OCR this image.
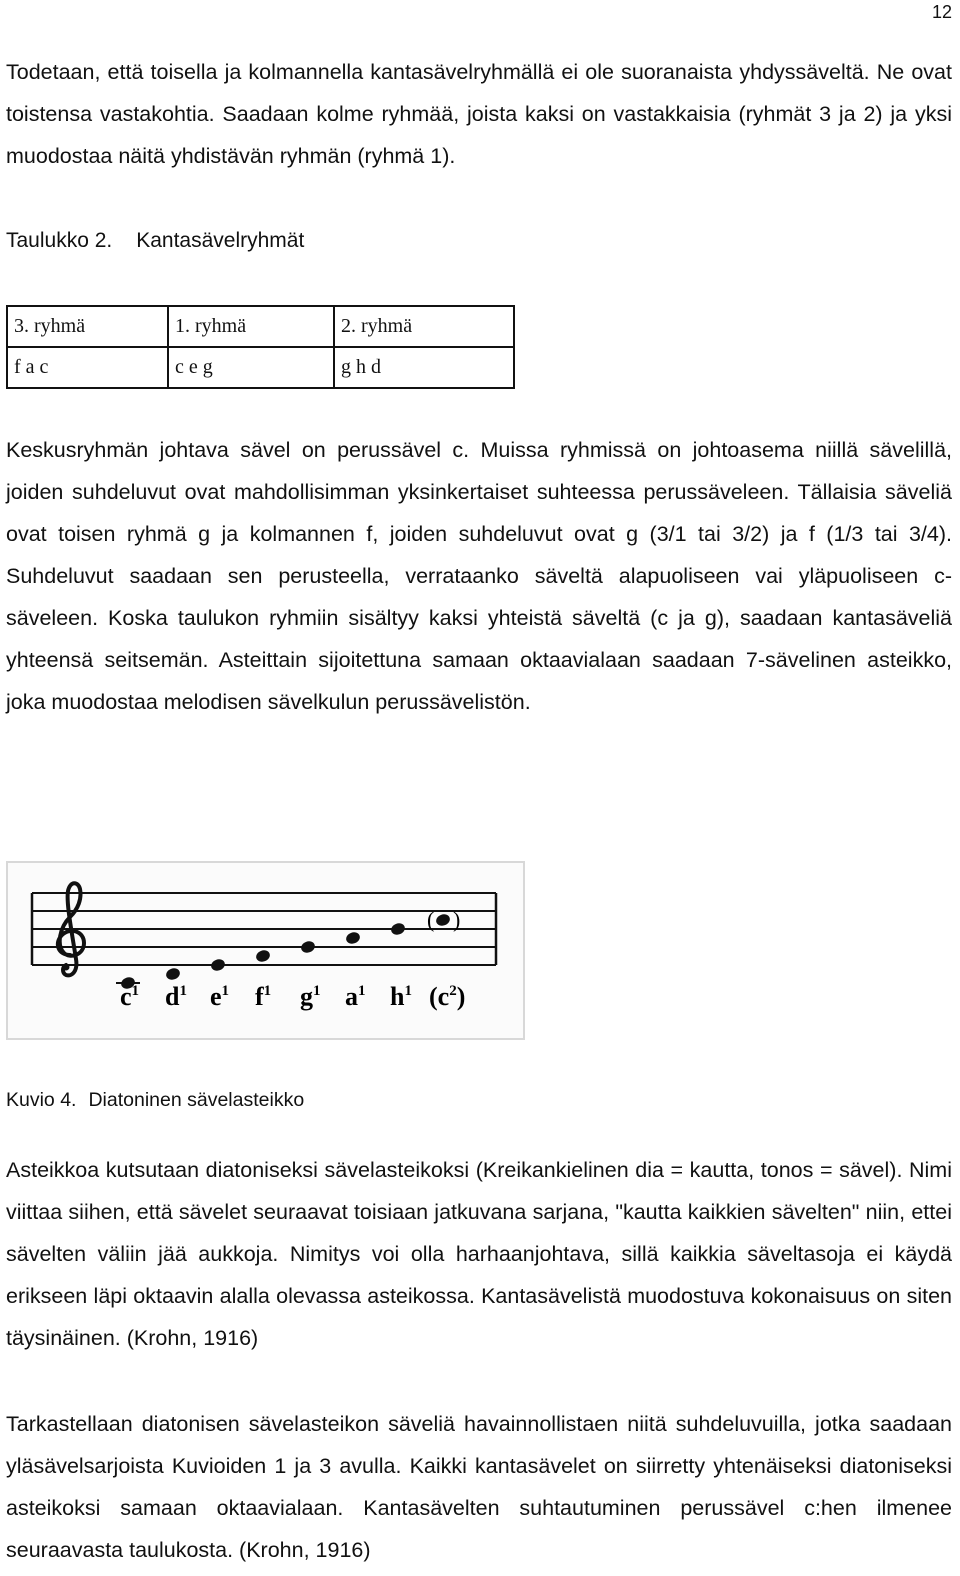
12

Todetaan, että toisella ja kolmannella kantasävelryhmällä ei ole suoranaista yhdyssäveltä. Ne ovat toistensa vastakohtia. Saadaan kolme ryhmää, joista kaksi on vastakkaisia (ryhmät 3 ja 2) ja yksi muodostaa näitä yhdistävän ryhmän (ryhmä 1).

Taulukko 2. Kantasävelryhmät
3. ryhmä	1. ryhmä	2. ryhmä
f a c	c e g	g h d

Keskusryhmän johtava sävel on perussävel c. Muissa ryhmissä on johtoasema niillä sävelillä, joiden suhdeluvut ovat mahdollisimman yksinkertaiset suhteessa perussäveleen. Tällaisia säveliä ovat toisen ryhmä g ja kolmannen f, joiden suhdeluvut ovat g (3/1 tai 3/2) ja f (1/3 tai 3/4). Suhdeluvut saadaan sen perusteella, verrataanko säveltä alapuoliseen vai yläpuoliseen c-säveleen. Koska taulukon ryhmiin sisältyy kaksi yhteistä säveltä (c ja g), saadaan kantasäveliä yhteensä seitsemän. Asteittain sijoitettuna samaan oktaavialaan saadaan 7-sävelinen asteikko, joka muodostaa melodisen sävelkulun perussävelistön.

( )
$c^1$ $d^1$ $e^1$ $f^1$ $g^1$ $a^1$ $h^1$ $(c^2)$
Kuvio 4. Diatoninen sävelasteikko

Asteikkoa kutsutaan diatoniseksi sävelasteikoksi (Kreikankielinen dia = kautta, tonos = sävel). Nimi viittaa siihen, että sävelet seuraavat toisiaan jatkuvana sarjana, "kautta kaikkien sävelten" niin, ettei sävelten väliin jää aukkoja. Nimitys voi olla harhaanjohtava, sillä kaikkia säveltasoja ei käydä erikseen läpi oktaavin alalla olevassa asteikossa. Kantasävelistä muodostuva kokonaisuus on siten täysinäinen. (Krohn, 1916)

Tarkastellaan diatonisen sävelasteikon säveliä havainnollistaen niitä suhdeluvuilla, jotka saadaan yläsävelsarjoista Kuvioiden 1 ja 3 avulla. Kaikki kantasävelet on siirretty yhtenäiseksi diatoniseksi asteikoksi samaan oktaavialaan. Kantasävelten suhtautuminen perussävel c:hen ilmenee seuraavasta taulukosta. (Krohn, 1916)
